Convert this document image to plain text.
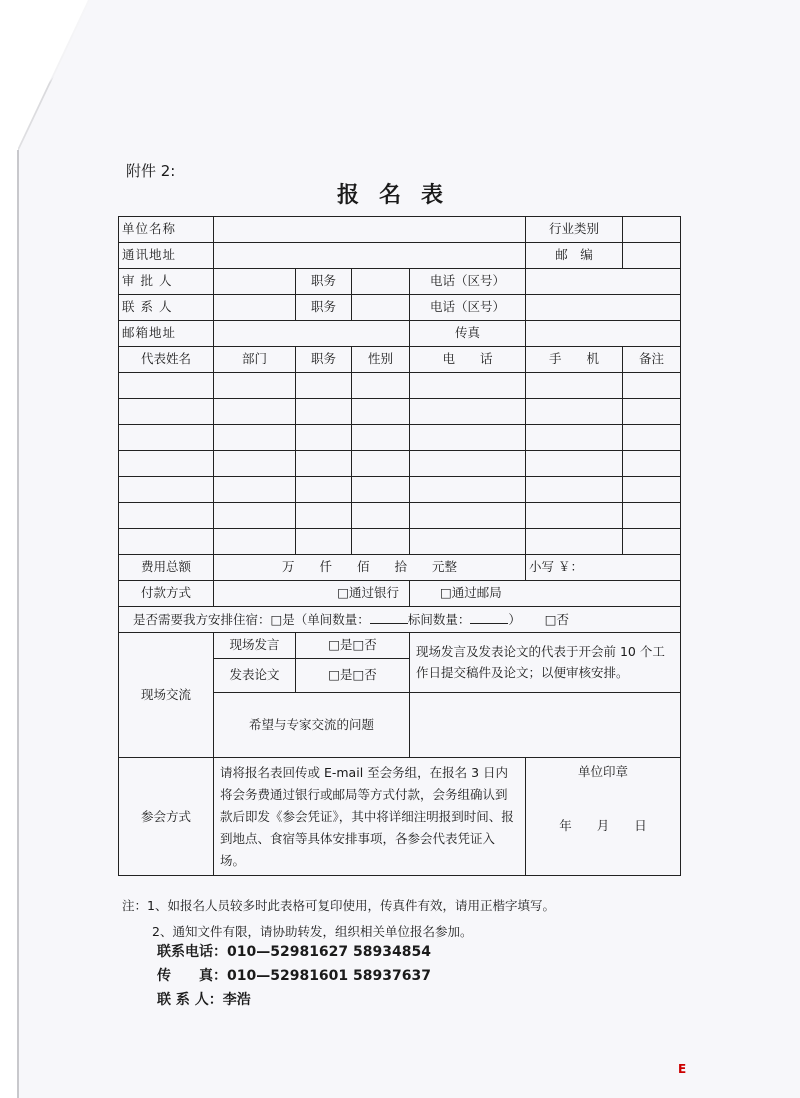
附件 2:
报名表
单位名称					行业类别	
通讯地址					邮　编	
审 批 人		职务		电话（区号）		
联 系 人		职务		电话（区号）		
邮箱地址				传真		
代表姓名	部门	职务	性别	电　　话	手　　机	备注

费用总额	万　　仟　　佰　　拾　　元整				小写 ￥：	
付款方式	□通过银行			□通过邮局		
是否需要我方安排住宿：□是（单间数量： 标间数量： ） □否						
现场交流	现场发言	□是□否		现场发言及发表论文的代表于开会前 10 个工作日提交稿件及论文；以便审核安排。		
	发表论文	□是□否				
	希望与专家交流的问题					
参会方式	请将报名表回传或 E-mail 至会务组，在报名 3 日内将会务费通过银行或邮局等方式付款，会务组确认到款后即发《参会凭证》，其中将详细注明报到时间、报到地点、食宿等具体安排事项，各参会代表凭证入场。				单位印章
年　　月　　日	
注：1、如报名人员较多时此表格可复印使用，传真件有效，请用正楷字填写。
2、通知文件有限，请协助转发，组织相关单位报名参加。
联系电话：010—52981627 58934854
传　　真：010—52981601 58937637
联 系 人：李浩
E
